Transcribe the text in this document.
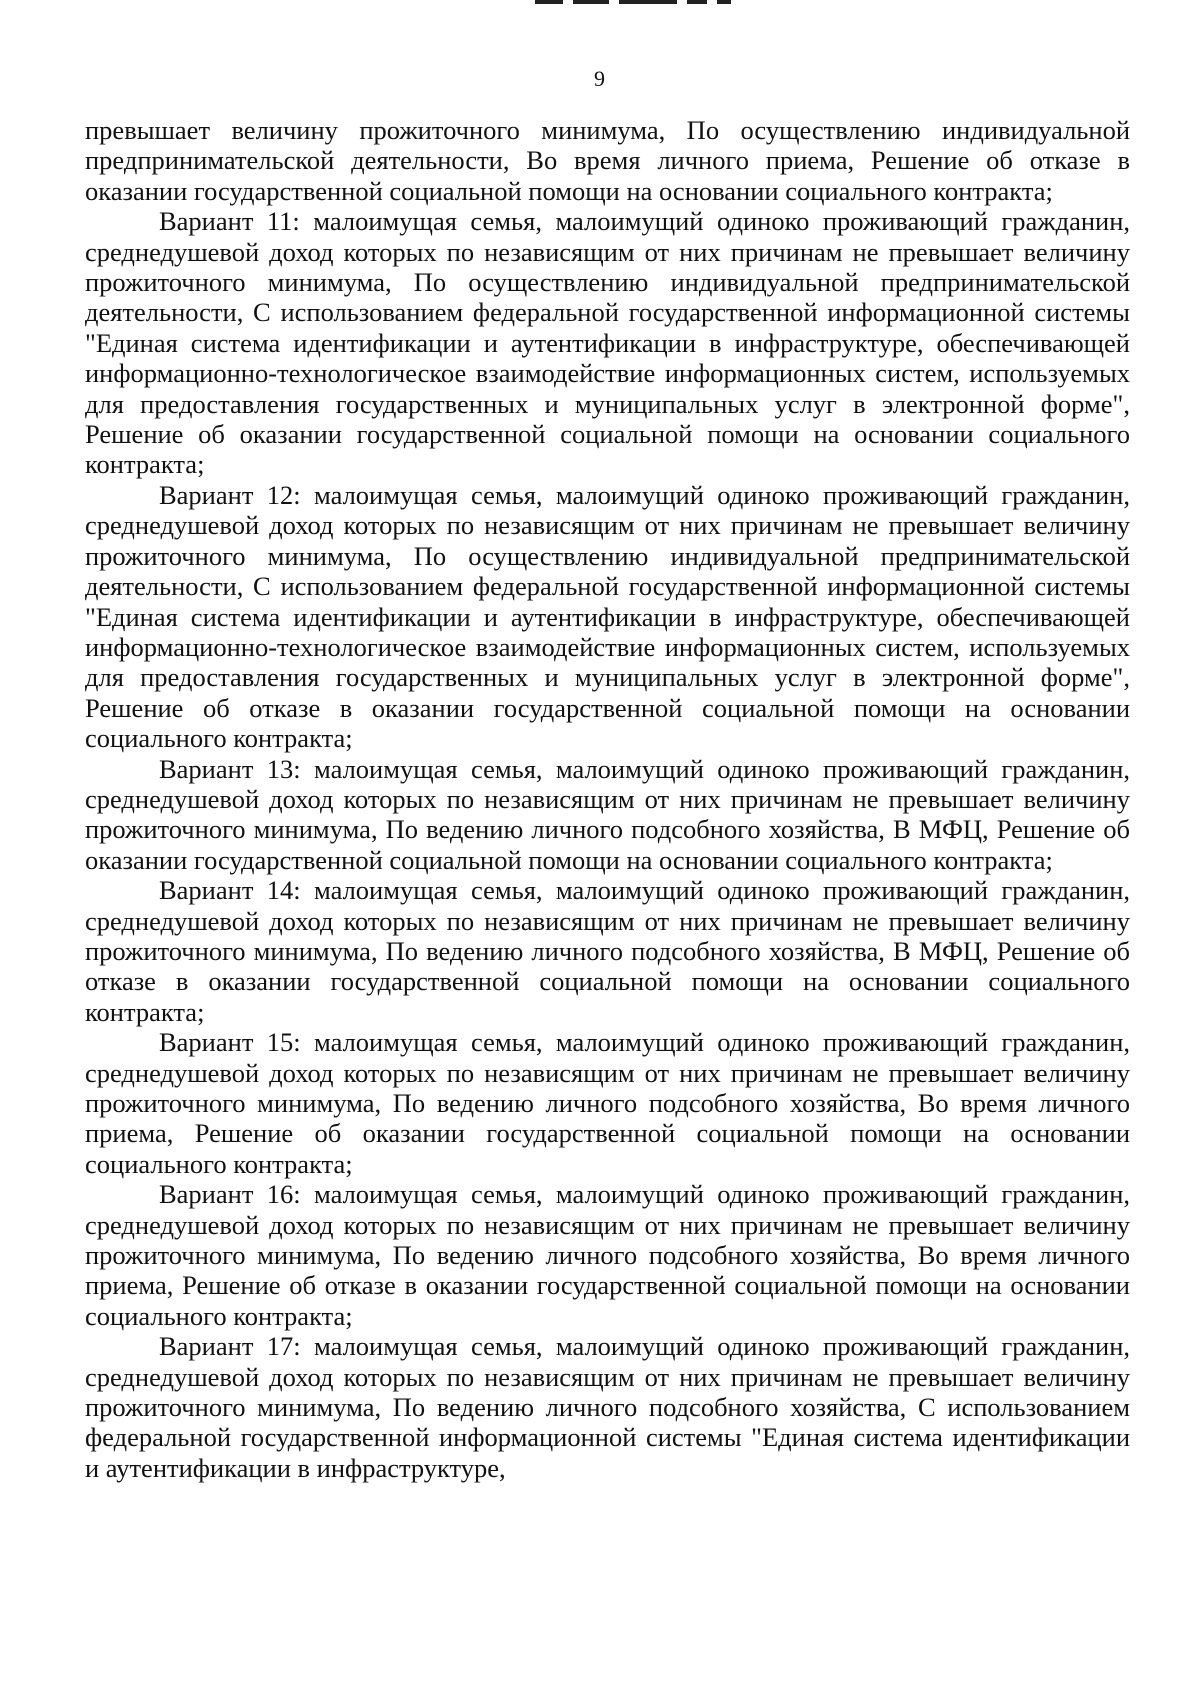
9

превышает величину прожиточного минимума, По осуществлению индивидуальной предпринимательской деятельности, Во время личного приема, Решение об отказе в оказании государственной социальной помощи на основании социального контракта;

Вариант 11: малоимущая семья, малоимущий одиноко проживающий гражданин, среднедушевой доход которых по независящим от них причинам не превышает величину прожиточного минимума, По осуществлению индивидуальной предпринимательской деятельности, С использованием федеральной государственной информационной системы "Единая система идентификации и аутентификации в инфраструктуре, обеспечивающей информационно-технологическое взаимодействие информационных систем, используемых для предоставления государственных и муниципальных услуг в электронной форме", Решение об оказании государственной социальной помощи на основании социального контракта;

Вариант 12: малоимущая семья, малоимущий одиноко проживающий гражданин, среднедушевой доход которых по независящим от них причинам не превышает величину прожиточного минимума, По осуществлению индивидуальной предпринимательской деятельности, С использованием федеральной государственной информационной системы "Единая система идентификации и аутентификации в инфраструктуре, обеспечивающей информационно-технологическое взаимодействие информационных систем, используемых для предоставления государственных и муниципальных услуг в электронной форме", Решение об отказе в оказании государственной социальной помощи на основании социального контракта;

Вариант 13: малоимущая семья, малоимущий одиноко проживающий гражданин, среднедушевой доход которых по независящим от них причинам не превышает величину прожиточного минимума, По ведению личного подсобного хозяйства, В МФЦ, Решение об оказании государственной социальной помощи на основании социального контракта;

Вариант 14: малоимущая семья, малоимущий одиноко проживающий гражданин, среднедушевой доход которых по независящим от них причинам не превышает величину прожиточного минимума, По ведению личного подсобного хозяйства, В МФЦ, Решение об отказе в оказании государственной социальной помощи на основании социального контракта;

Вариант 15: малоимущая семья, малоимущий одиноко проживающий гражданин, среднедушевой доход которых по независящим от них причинам не превышает величину прожиточного минимума, По ведению личного подсобного хозяйства, Во время личного приема, Решение об оказании государственной социальной помощи на основании социального контракта;

Вариант 16: малоимущая семья, малоимущий одиноко проживающий гражданин, среднедушевой доход которых по независящим от них причинам не превышает величину прожиточного минимума, По ведению личного подсобного хозяйства, Во время личного приема, Решение об отказе в оказании государственной социальной помощи на основании социального контракта;

Вариант 17: малоимущая семья, малоимущий одиноко проживающий гражданин, среднедушевой доход которых по независящим от них причинам не превышает величину прожиточного минимума, По ведению личного подсобного хозяйства, С использованием федеральной государственной информационной системы "Единая система идентификации и аутентификации в инфраструктуре,
